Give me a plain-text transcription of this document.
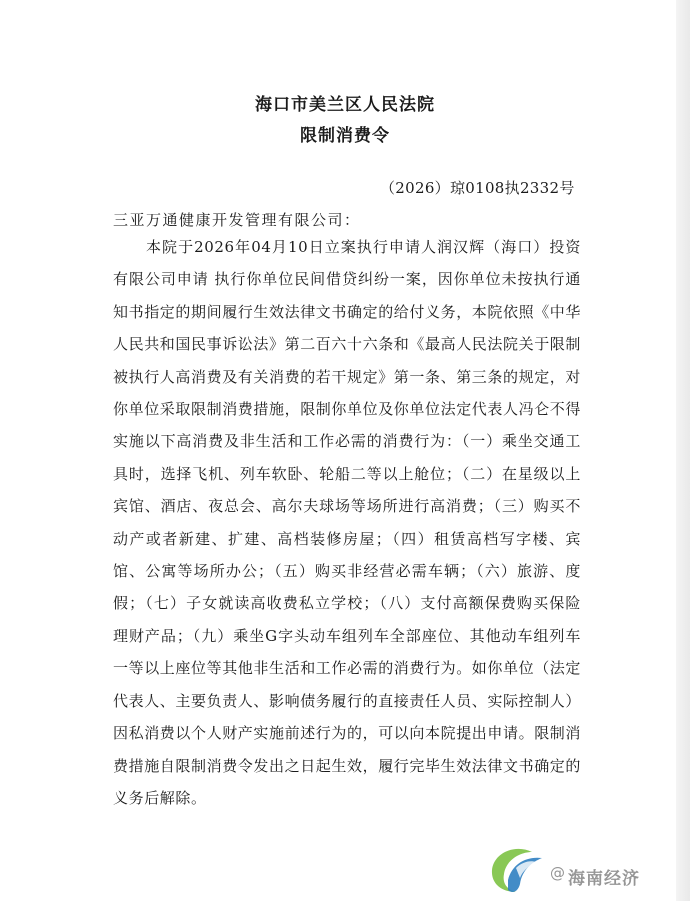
海口市美兰区人民法院
限制消费令
（2026）琼0108执2332号
三亚万通健康开发管理有限公司：

本院于2026年04月10日立案执行申请人润汉辉（海口）投资有限公司申请 执行你单位民间借贷纠纷一案，因你单位未按执行通知书指定的期间履行生效法律文书确定的给付义务，本院依照《中华人民共和国民事诉讼法》第二百六十六条和《最高人民法院关于限制被执行人高消费及有关消费的若干规定》第一条、第三条的规定，对你单位采取限制消费措施，限制你单位及你单位法定代表人冯仑不得实施以下高消费及非生活和工作必需的消费行为：（一）乘坐交通工具时，选择飞机、列车软卧、轮船二等以上舱位；（二）在星级以上宾馆、酒店、夜总会、高尔夫球场等场所进行高消费；（三）购买不动产或者新建、扩建、高档装修房屋；（四）租赁高档写字楼、宾馆、公寓等场所办公；（五）购买非经营必需车辆；（六）旅游、度假；（七）子女就读高收费私立学校；（八）支付高额保费购买保险理财产品；（九）乘坐G字头动车组列车全部座位、其他动车组列车一等以上座位等其他非生活和工作必需的消费行为。如你单位（法定代表人、主要负责人、影响债务履行的直接责任人员、实际控制人）因私消费以个人财产实施前述行为的，可以向本院提出申请。限制消费措施自限制消费令发出之日起生效，履行完毕生效法律文书确定的义务后解除。

@ 海南经济
